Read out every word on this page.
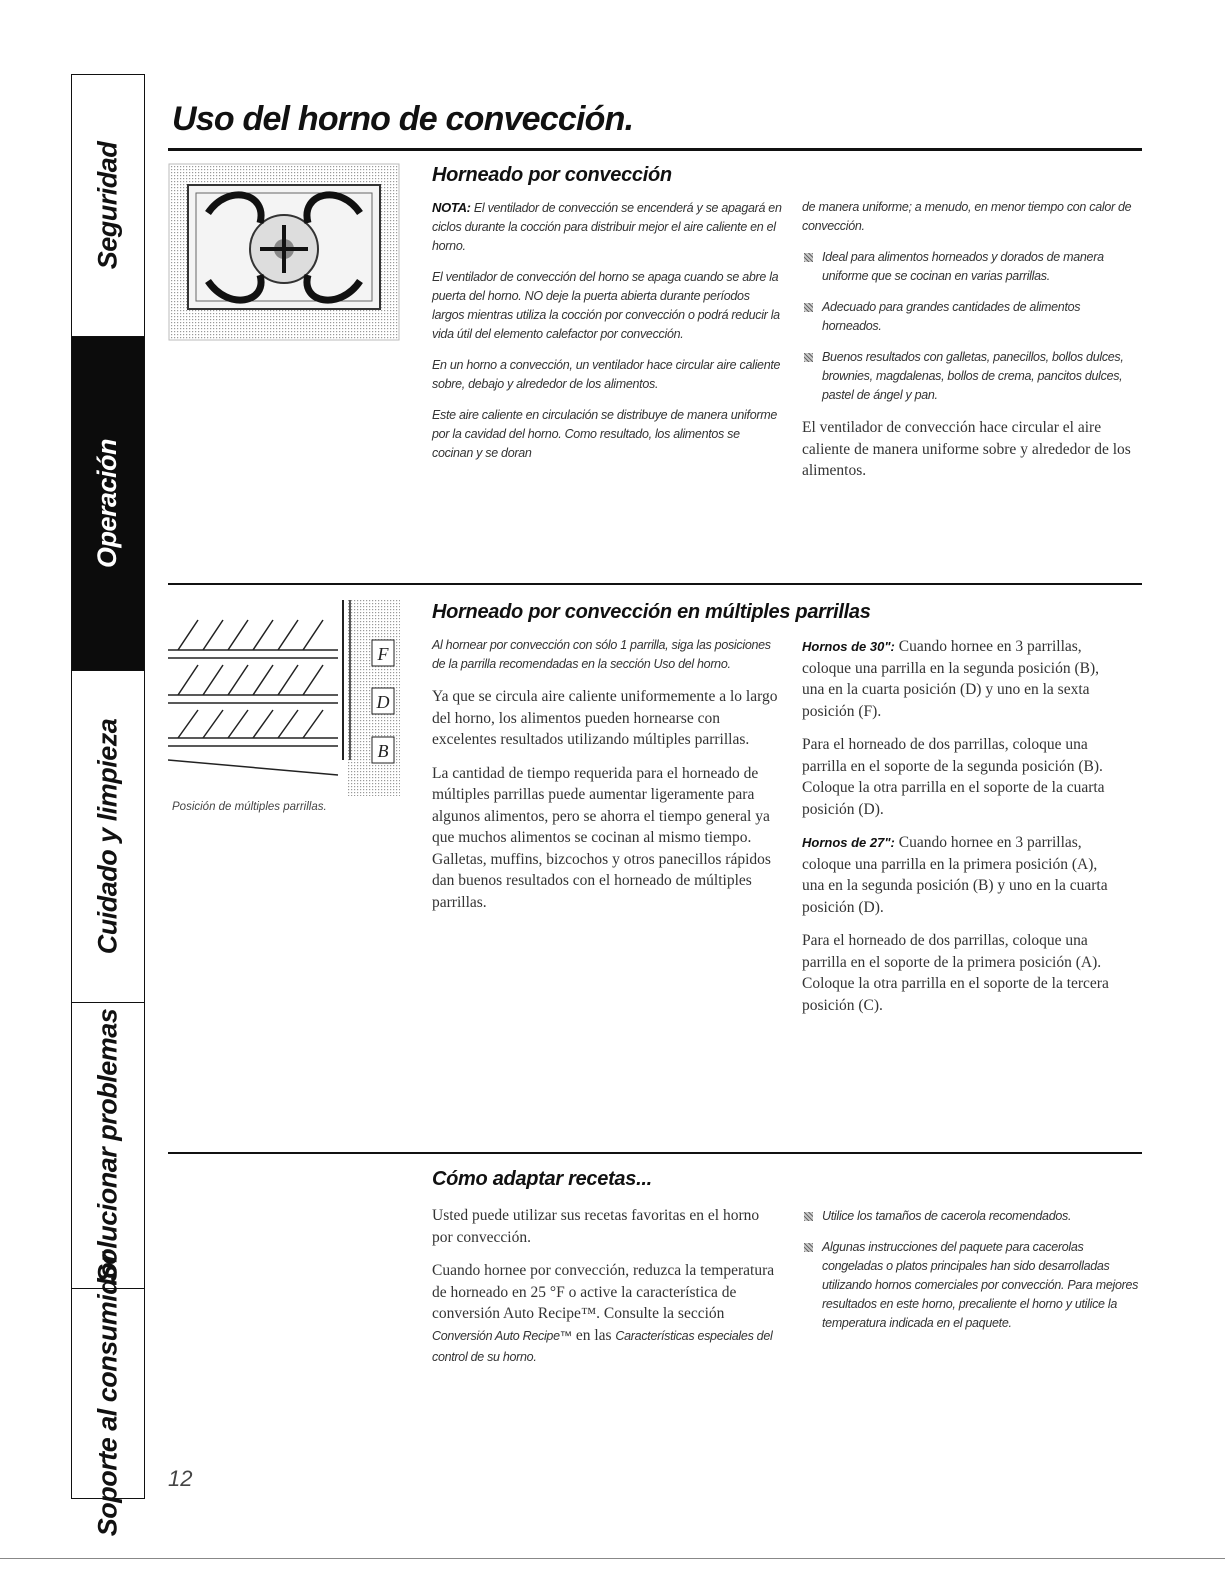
Seguridad
Operación
Cuidado y limpieza
Solucionar problemas
Soporte al consumidor
Uso del horno de convección.
Horneado por convección

NOTA: El ventilador de convección se encenderá y se apagará en ciclos durante la cocción para distribuir mejor el aire caliente en el horno.

El ventilador de convección del horno se apaga cuando se abre la puerta del horno. NO deje la puerta abierta durante períodos largos mientras utiliza la cocción por convección o podrá reducir la vida útil del elemento calefactor por convección.

En un horno a convección, un ventilador hace circular aire caliente sobre, debajo y alrededor de los alimentos.

Este aire caliente en circulación se distribuye de manera uniforme por la cavidad del horno. Como resultado, los alimentos se cocinan y se doran

de manera uniforme; a menudo, en menor tiempo con calor de convección.

Ideal para alimentos horneados y dorados de manera uniforme que se cocinan en varias parrillas.

Adecuado para grandes cantidades de alimentos horneados.

Buenos resultados con galletas, panecillos, bollos dulces, brownies, magdalenas, bollos de crema, pancitos dulces, pastel de ángel y pan.

El ventilador de convección hace circular el aire caliente de manera uniforme sobre y alrededor de los alimentos.

F
D
B
Posición de múltiples parrillas.
Horneado por convección en múltiples parrillas

Al hornear por convección con sólo 1 parrilla, siga las posiciones de la parrilla recomendadas en la sección Uso del horno.

Ya que se circula aire caliente uniformemente a lo largo del horno, los alimentos pueden hornearse con excelentes resultados utilizando múltiples parrillas.

La cantidad de tiempo requerida para el horneado de múltiples parrillas puede aumentar ligeramente para algunos alimentos, pero se ahorra el tiempo general ya que muchos alimentos se cocinan al mismo tiempo. Galletas, muffins, bizcochos y otros panecillos rápidos dan buenos resultados con el horneado de múltiples parrillas.

Hornos de 30": Cuando hornee en 3 parrillas, coloque una parrilla en la segunda posición (B), una en la cuarta posición (D) y uno en la sexta posición (F).

Para el horneado de dos parrillas, coloque una parrilla en el soporte de la segunda posición (B). Coloque la otra parrilla en el soporte de la cuarta posición (D).

Hornos de 27": Cuando hornee en 3 parrillas, coloque una parrilla en la primera posición (A), una en la segunda posición (B) y uno en la cuarta posición (D).

Para el horneado de dos parrillas, coloque una parrilla en el soporte de la primera posición (A). Coloque la otra parrilla en el soporte de la tercera posición (C).

Cómo adaptar recetas...

Usted puede utilizar sus recetas favoritas en el horno por convección.

Cuando hornee por convección, reduzca la temperatura de horneado en 25 °F o active la característica de conversión Auto Recipe™. Consulte la sección Conversión Auto Recipe™ en las Características especiales del control de su horno.

Utilice los tamaños de cacerola recomendados.

Algunas instrucciones del paquete para cacerolas congeladas o platos principales han sido desarrolladas utilizando hornos comerciales por convección. Para mejores resultados en este horno, precaliente el horno y utilice la temperatura indicada en el paquete.

12
